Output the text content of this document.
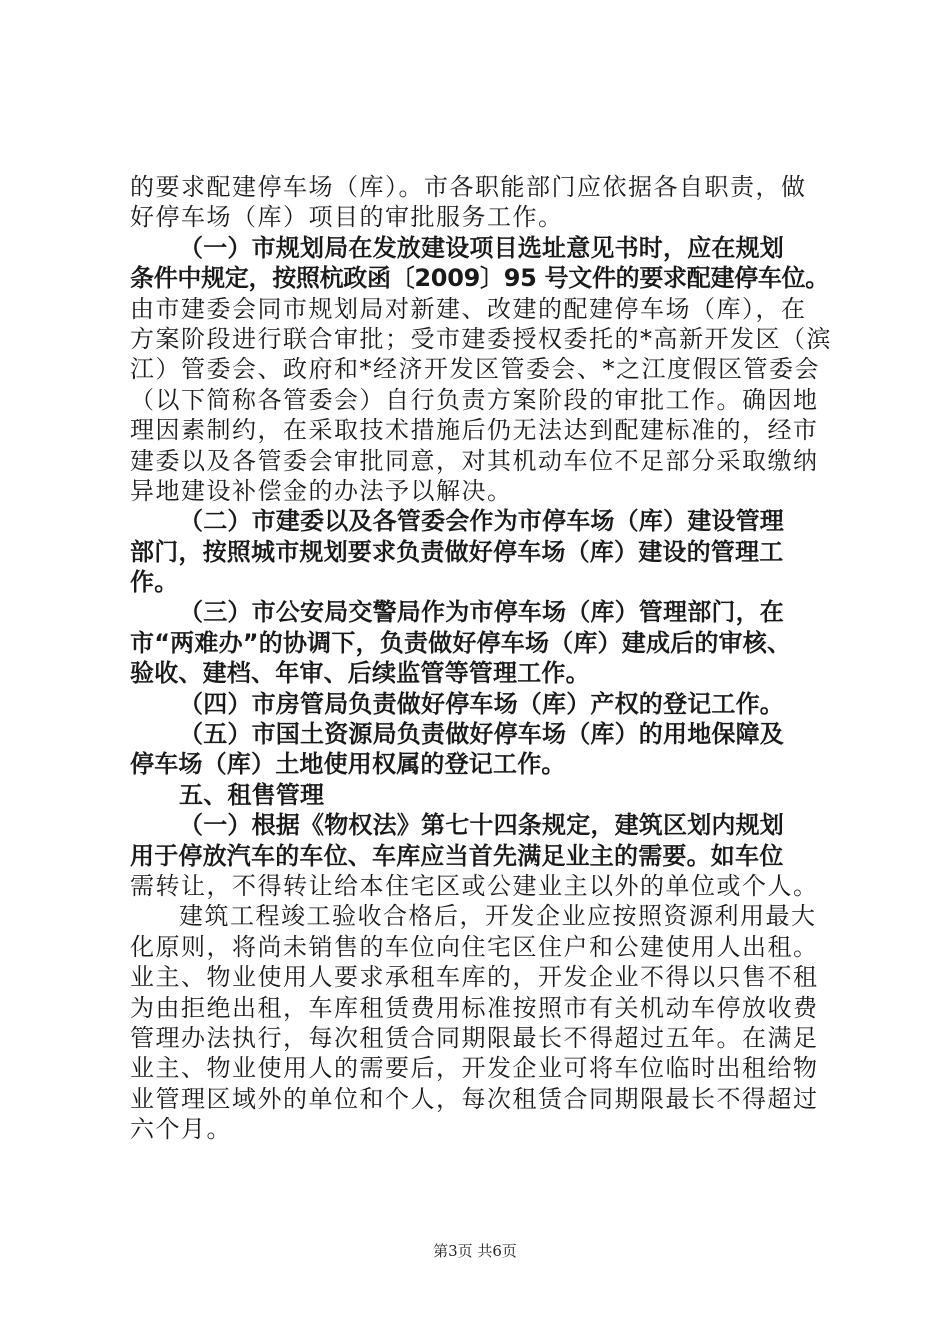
的要求配建停车场（库）。市各职能部门应依据各自职责，做
好停车场（库）项目的审批服务工作。
（一）市规划局在发放建设项目选址意见书时，应在规划
条件中规定，按照杭政函〔2009〕95 号文件的要求配建停车位。
由市建委会同市规划局对新建、改建的配建停车场（库），在
方案阶段进行联合审批；受市建委授权委托的*高新开发区（滨
江）管委会、政府和*经济开发区管委会、*之江度假区管委会
（以下简称各管委会）自行负责方案阶段的审批工作。确因地
理因素制约，在采取技术措施后仍无法达到配建标准的，经市
建委以及各管委会审批同意，对其机动车位不足部分采取缴纳
异地建设补偿金的办法予以解决。
（二）市建委以及各管委会作为市停车场（库）建设管理
部门，按照城市规划要求负责做好停车场（库）建设的管理工
作。
（三）市公安局交警局作为市停车场（库）管理部门，在
市“两难办”的协调下，负责做好停车场（库）建成后的审核、
验收、建档、年审、后续监管等管理工作。
（四）市房管局负责做好停车场（库）产权的登记工作。
（五）市国土资源局负责做好停车场（库）的用地保障及
停车场（库）土地使用权属的登记工作。
五、租售管理
（一）根据《物权法》第七十四条规定，建筑区划内规划
用于停放汽车的车位、车库应当首先满足业主的需要。如车位
需转让，不得转让给本住宅区或公建业主以外的单位或个人。
建筑工程竣工验收合格后，开发企业应按照资源利用最大
化原则，将尚未销售的车位向住宅区住户和公建使用人出租。
业主、物业使用人要求承租车库的，开发企业不得以只售不租
为由拒绝出租，车库租赁费用标准按照市有关机动车停放收费
管理办法执行，每次租赁合同期限最长不得超过五年。在满足
业主、物业使用人的需要后，开发企业可将车位临时出租给物
业管理区域外的单位和个人，每次租赁合同期限最长不得超过
六个月。
第3页 共6页
